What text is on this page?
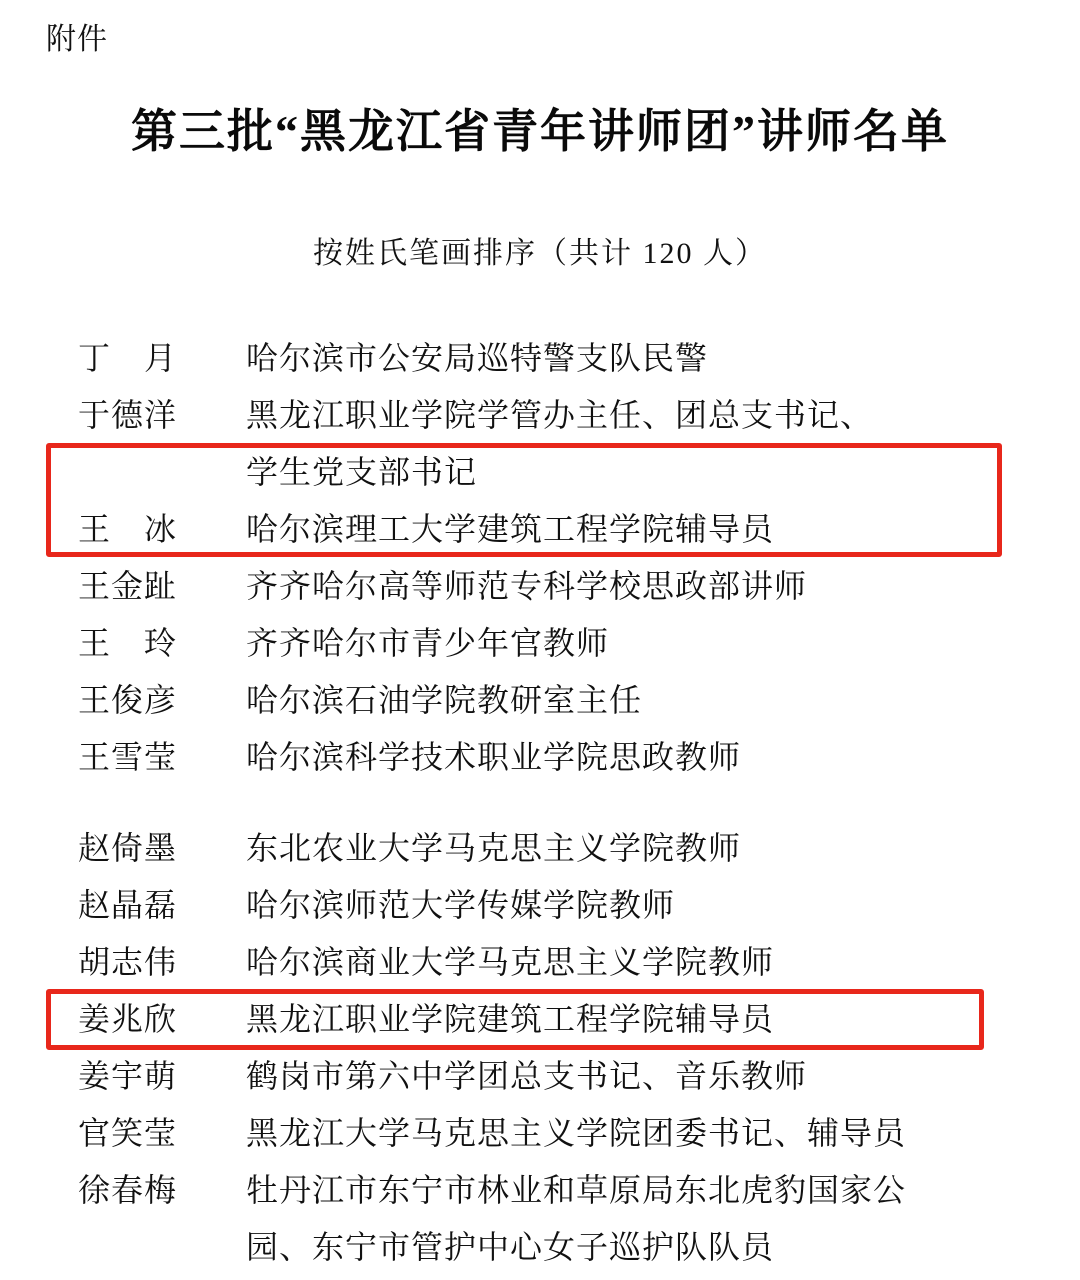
附件
第三批“黑龙江省青年讲师团”讲师名单
按姓氏笔画排序（共计 120 人）
丁　月	哈尔滨市公安局巡特警支队民警
于德洋	黑龙江职业学院学管办主任、团总支书记、
学生党支部书记
王　冰	哈尔滨理工大学建筑工程学院辅导员
王金趾	齐齐哈尔高等师范专科学校思政部讲师
王　玲	齐齐哈尔市青少年官教师
王俊彦	哈尔滨石油学院教研室主任
王雪莹	哈尔滨科学技术职业学院思政教师
赵倚墨	东北农业大学马克思主义学院教师
赵晶磊	哈尔滨师范大学传媒学院教师
胡志伟	哈尔滨商业大学马克思主义学院教师
姜兆欣	黑龙江职业学院建筑工程学院辅导员
姜宇萌	鹤岗市第六中学团总支书记、音乐教师
官笑莹	黑龙江大学马克思主义学院团委书记、辅导员
徐春梅	牡丹江市东宁市林业和草原局东北虎豹国家公
园、东宁市管护中心女子巡护队队员
